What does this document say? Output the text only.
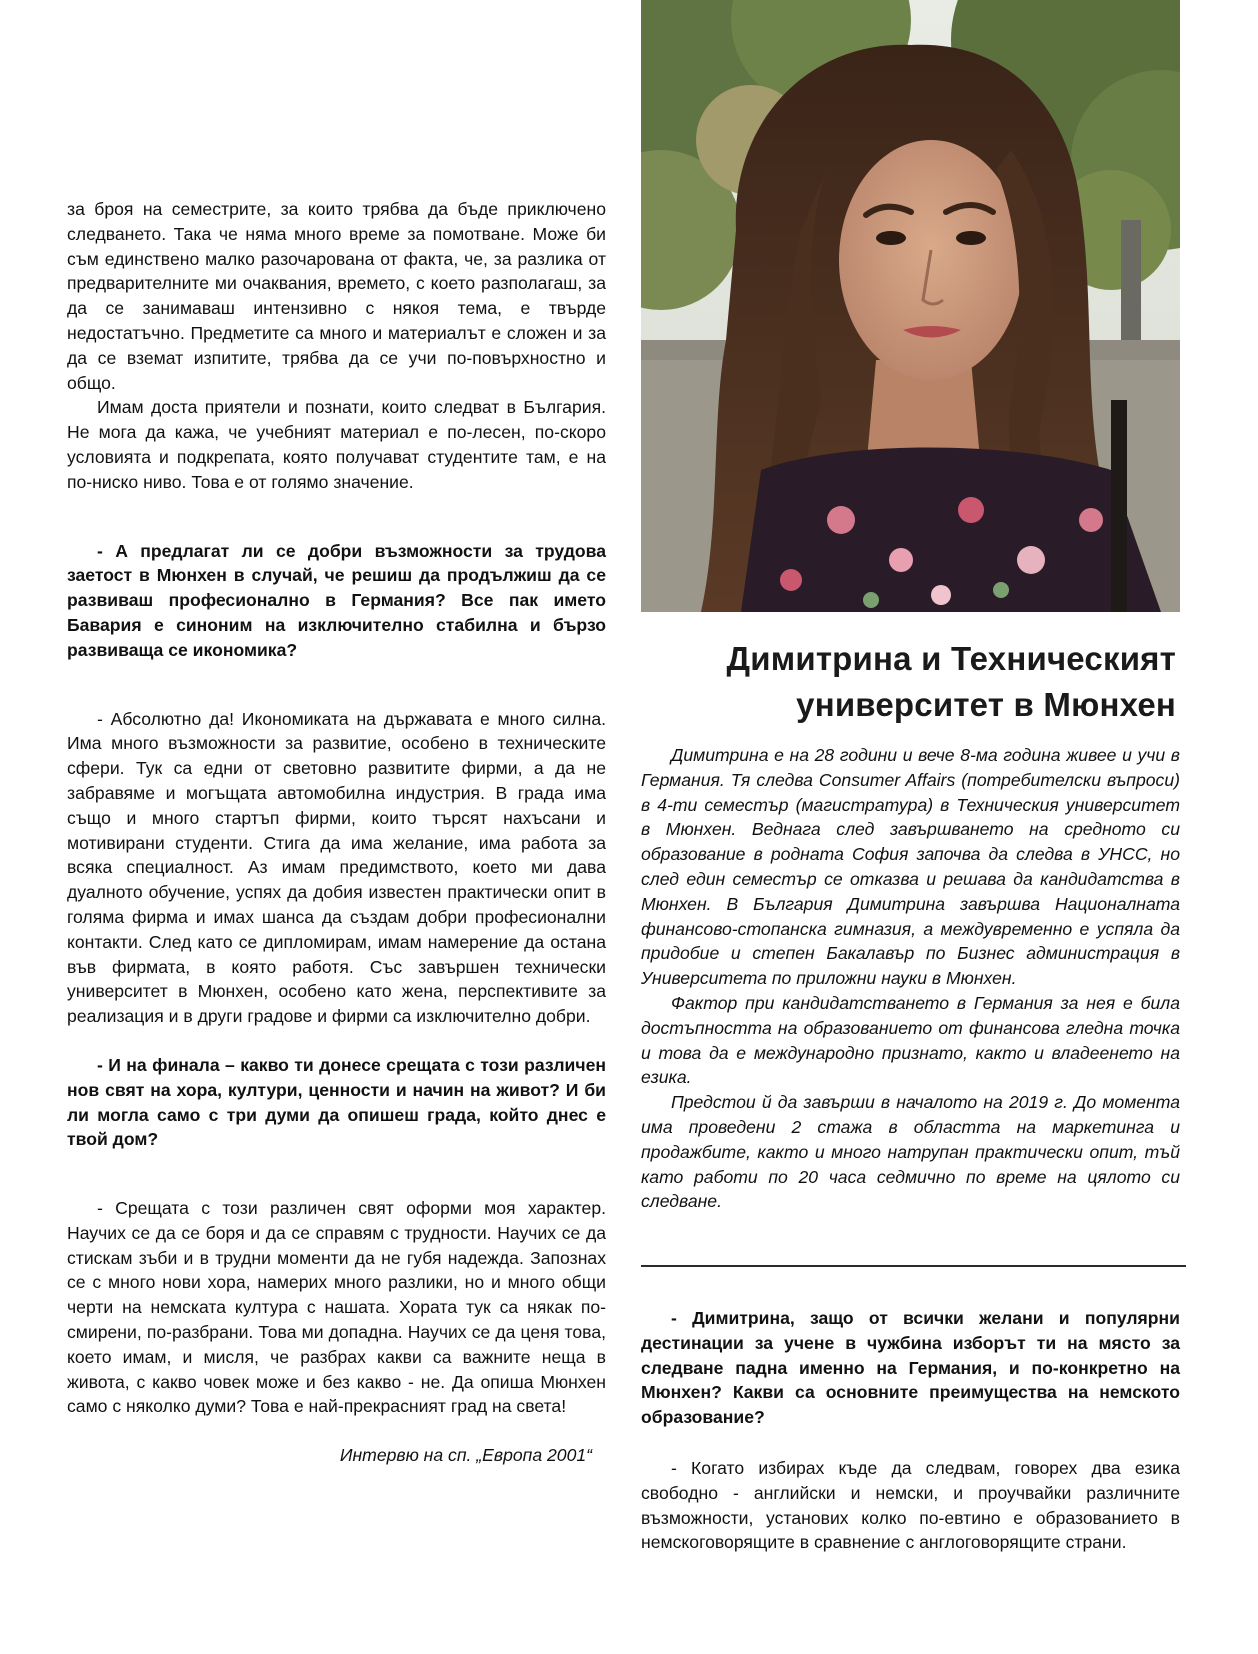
за броя на семестрите, за които трябва да бъде приключено следването. Така че няма много време за помотване. Може би съм единствено малко разочарована от факта, че, за разлика от предварителните ми очаквания, времето, с което разполагаш, за да се занимаваш интензивно с някоя тема, е твърде недостатъчно. Предметите са много и материалът е сложен и за да се вземат изпитите, трябва да се учи по-повърхностно и общо.

Имам доста приятели и познати, които следват в България. Не мога да кажа, че учебният материал е по-лесен, по-скоро условията и подкрепата, която получават студентите там, е на по-ниско ниво. Това е от голямо значение.

- А предлагат ли се добри възможности за трудова заетост в Мюнхен в случай, че решиш да продължиш да се развиваш професионално в Германия? Все пак името Бавария е синоним на изключително стабилна и бързо развиваща се икономика?

- Абсолютно да! Икономиката на държавата е много силна. Има много възможности за развитие, особено в техническите сфери. Тук са едни от световно развитите фирми, а да не забравяме и могъщата автомобилна индустрия. В града има също и много стартъп фирми, които търсят нахъсани и мотивирани студенти. Стига да има желание, има работа за всяка специалност. Аз имам предимството, което ми дава дуалното обучение, успях да добия известен практически опит в голяма фирма и имах шанса да създам добри професионални контакти. След като се дипломирам, имам намерение да остана във фирмата, в която работя. Със завършен технически университет в Мюнхен, особено като жена, перспективите за реализация и в други градове и фирми са изключително добри.

- И на финала – какво ти донесе срещата с този различен нов свят на хора, култури, ценности и начин на живот? И би ли могла само с три думи да опишеш града, който днес е твой дом?

- Срещата с този различен свят оформи моя характер. Научих се да се боря и да се справям с трудности. Научих се да стискам зъби и в трудни моменти да не губя надежда. Запознах се с много нови хора, намерих много разлики, но и много общи черти на немската култура с нашата. Хората тук са някак по-смирени, по-разбрани. Това ми допадна. Научих се да ценя това, което имам, и мисля, че разбрах какви са важните неща в живота, с какво човек може и без какво - не. Да опиша Мюнхен само с няколко думи? Това е най-прекрасният град на света!

Интервю на сп. „Европа 2001“

Димитрина и Техническият
университет в Мюнхен

Димитрина е на 28 години и вече 8-ма година живее и учи в Германия. Тя следва Consumer Affairs (потребителски въпроси) в 4-ти семестър (магистратура) в Техническия университет в Мюнхен. Веднага след завършването на средното си образование в родната София започва да следва в УНСС, но след един семестър се отказва и решава да кандидатства в Мюнхен. В България Димитрина завършва Националната финансово-стопанска гимназия, а междувременно е успяла да придобие и степен Бакалавър по Бизнес администрация в Университета по приложни науки в Мюнхен.

Фактор при кандидатстването в Германия за нея е била достъпността на образованието от финансова гледна точка и това да е международно признато, както и владеенето на езика.

Предстои й да завърши в началото на 2019 г. До момента има проведени 2 стажа в областта на маркетинга и продажбите, както и много натрупан практически опит, тъй като работи по 20 часа седмично по време на цялото си следване.

- Димитрина, защо от всички желани и популярни дестинации за учене в чужбина изборът ти на място за следване падна именно на Германия, и по-конкретно на Мюнхен? Какви са основните преимущества на немското образование?

- Когато избирах къде да следвам, говорех два езика свободно - английски и немски, и проучвайки различните възможности, установих колко по-евтино е образованието в немскоговорящите в сравнение с англоговорящите страни.
